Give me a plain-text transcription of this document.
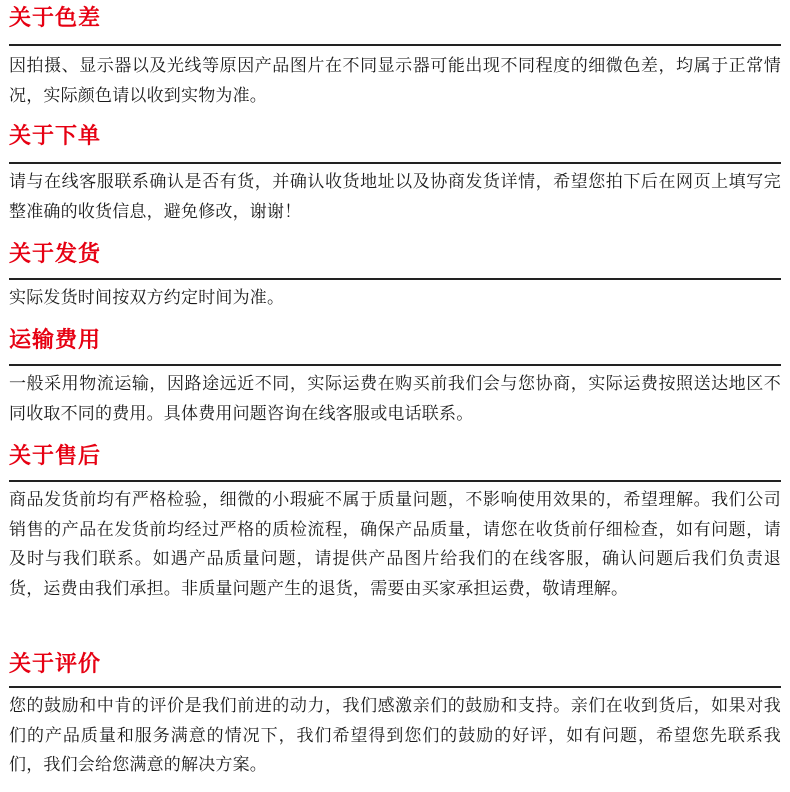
关于色差

因拍摄、显示器以及光线等原因产品图片在不同显示器可能出现不同程度的细微色差，均属于正常情况，实际颜色请以收到实物为准。

关于下单

请与在线客服联系确认是否有货，并确认收货地址以及协商发货详情，希望您拍下后在网页上填写完整准确的收货信息，避免修改，谢谢！

关于发货

实际发货时间按双方约定时间为准。

运输费用

一般采用物流运输，因路途远近不同，实际运费在购买前我们会与您协商，实际运费按照送达地区不同收取不同的费用。具体费用问题咨询在线客服或电话联系。

关于售后

商品发货前均有严格检验，细微的小瑕疵不属于质量问题，不影响使用效果的，希望理解。我们公司销售的产品在发货前均经过严格的质检流程，确保产品质量，请您在收货前仔细检查，如有问题，请及时与我们联系。如遇产品质量问题，请提供产品图片给我们的在线客服，确认问题后我们负责退货，运费由我们承担。非质量问题产生的退货，需要由买家承担运费，敬请理解。

关于评价

您的鼓励和中肯的评价是我们前进的动力，我们感激亲们的鼓励和支持。亲们在收到货后，如果对我们的产品质量和服务满意的情况下，我们希望得到您们的鼓励的好评，如有问题，希望您先联系我们，我们会给您满意的解决方案。
